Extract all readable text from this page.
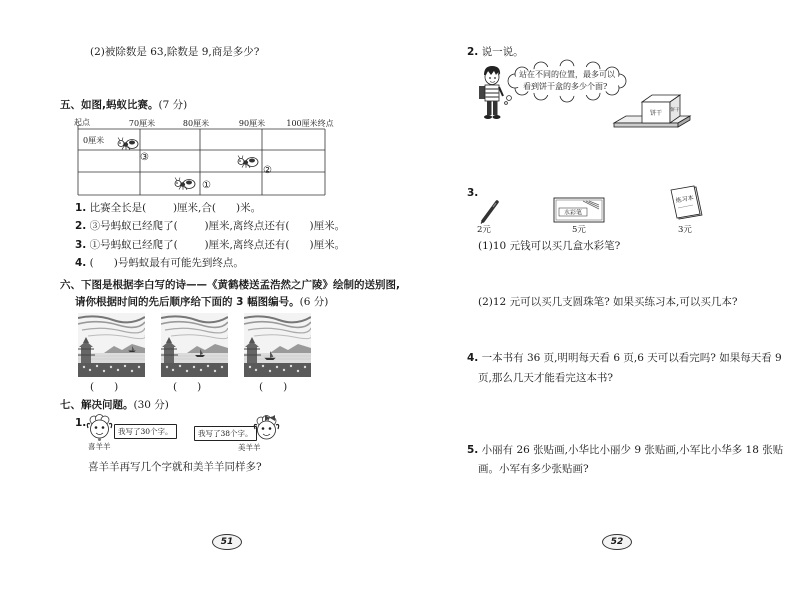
(2)被除数是 63,除数是 9,商是多少?
五、如图,蚂蚁比赛。(7 分)
起点	70厘米	80厘米	90厘米	100厘米终点
0厘米
③
②
①
1. 比赛全长是(        )厘米,合(      )米。
2. ③号蚂蚁已经爬了(        )厘米,离终点还有(      )厘米。
3. ①号蚂蚁已经爬了(        )厘米,离终点还有(      )厘米。
4. (      )号蚂蚁最有可能先到终点。
六、下图是根据李白写的诗——《黄鹤楼送孟浩然之广陵》绘制的送别图,
请你根据时间的先后顺序给下面的 3 幅图编号。(6 分)
(      )	(      )	(      )
七、解决问题。(30 分)
1.
我写了30个字。
喜羊羊
我写了38个字。
美羊羊
喜羊羊再写几个字就和美羊羊同样多?
51
2. 说一说。
站在不同的位置，最多可以
看到饼干盒的多少个面?
饼干 饼干
3.
2元
水彩笔
5元
练习本
3元
(1)10 元钱可以买几盒水彩笔?
(2)12 元可以买几支圆珠笔? 如果买练习本,可以买几本?
4. 一本书有 36 页,明明每天看 6 页,6 天可以看完吗? 如果每天看 9
页,那么几天才能看完这本书?
5. 小丽有 26 张贴画,小华比小丽少 9 张贴画,小军比小华多 18 张贴
画。小军有多少张贴画?
52
